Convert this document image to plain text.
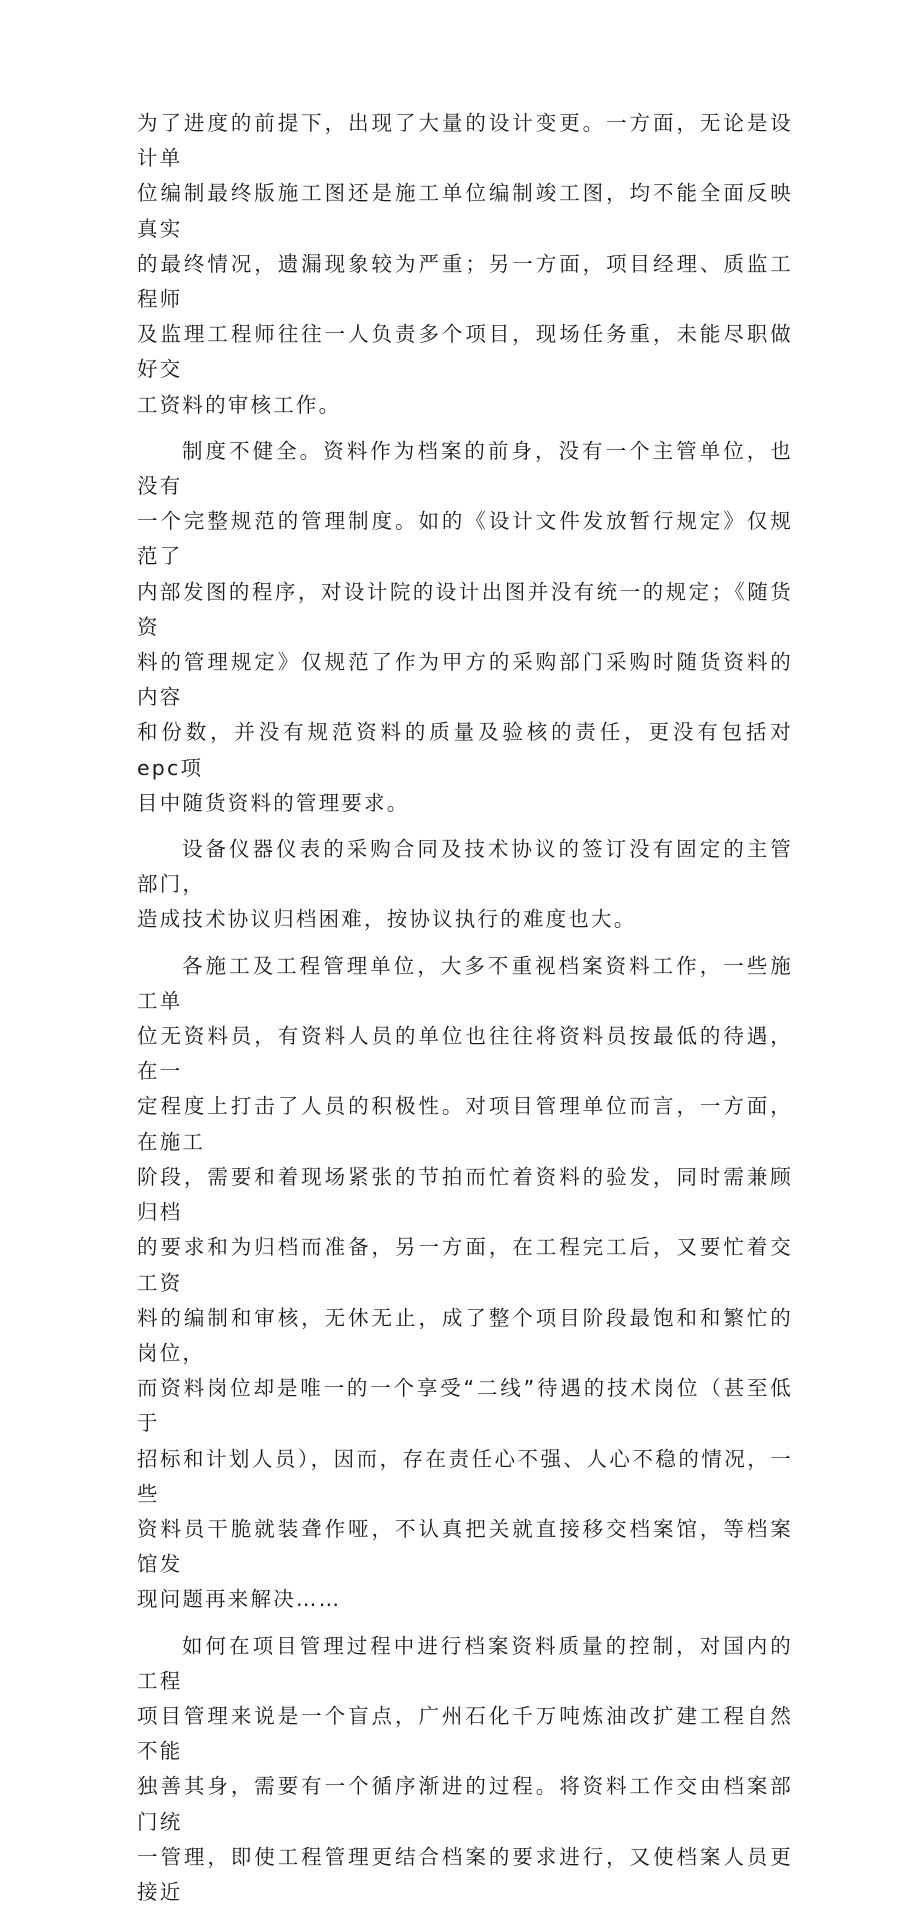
为了进度的前提下，出现了大量的设计变更。一方面，无论是设计单
位编制最终版施工图还是施工单位编制竣工图，均不能全面反映真实
的最终情况，遗漏现象较为严重；另一方面，项目经理、质监工程师
及监理工程师往往一人负责多个项目，现场任务重，未能尽职做好交
工资料的审核工作。

制度不健全。资料作为档案的前身，没有一个主管单位，也没有
一个完整规范的管理制度。如的《设计文件发放暂行规定》仅规范了
内部发图的程序，对设计院的设计出图并没有统一的规定；《随货资
料的管理规定》仅规范了作为甲方的采购部门采购时随货资料的内容
和份数，并没有规范资料的质量及验核的责任，更没有包括对epc项
目中随货资料的管理要求。

设备仪器仪表的采购合同及技术协议的签订没有固定的主管部门，
造成技术协议归档困难，按协议执行的难度也大。

各施工及工程管理单位，大多不重视档案资料工作，一些施工单
位无资料员，有资料人员的单位也往往将资料员按最低的待遇，在一
定程度上打击了人员的积极性。对项目管理单位而言，一方面，在施工
阶段，需要和着现场紧张的节拍而忙着资料的验发，同时需兼顾归档
的要求和为归档而准备，另一方面，在工程完工后，又要忙着交工资
料的编制和审核，无休无止，成了整个项目阶段最饱和和繁忙的岗位，
而资料岗位却是唯一的一个享受“二线”待遇的技术岗位（甚至低于
招标和计划人员），因而，存在责任心不强、人心不稳的情况，一些
资料员干脆就装聋作哑，不认真把关就直接移交档案馆，等档案馆发
现问题再来解决……

如何在项目管理过程中进行档案资料质量的控制，对国内的工程
项目管理来说是一个盲点，广州石化千万吨炼油改扩建工程自然不能
独善其身，需要有一个循序渐进的过程。将资料工作交由档案部门统
一管理，即使工程管理更结合档案的要求进行，又使档案人员更接近
